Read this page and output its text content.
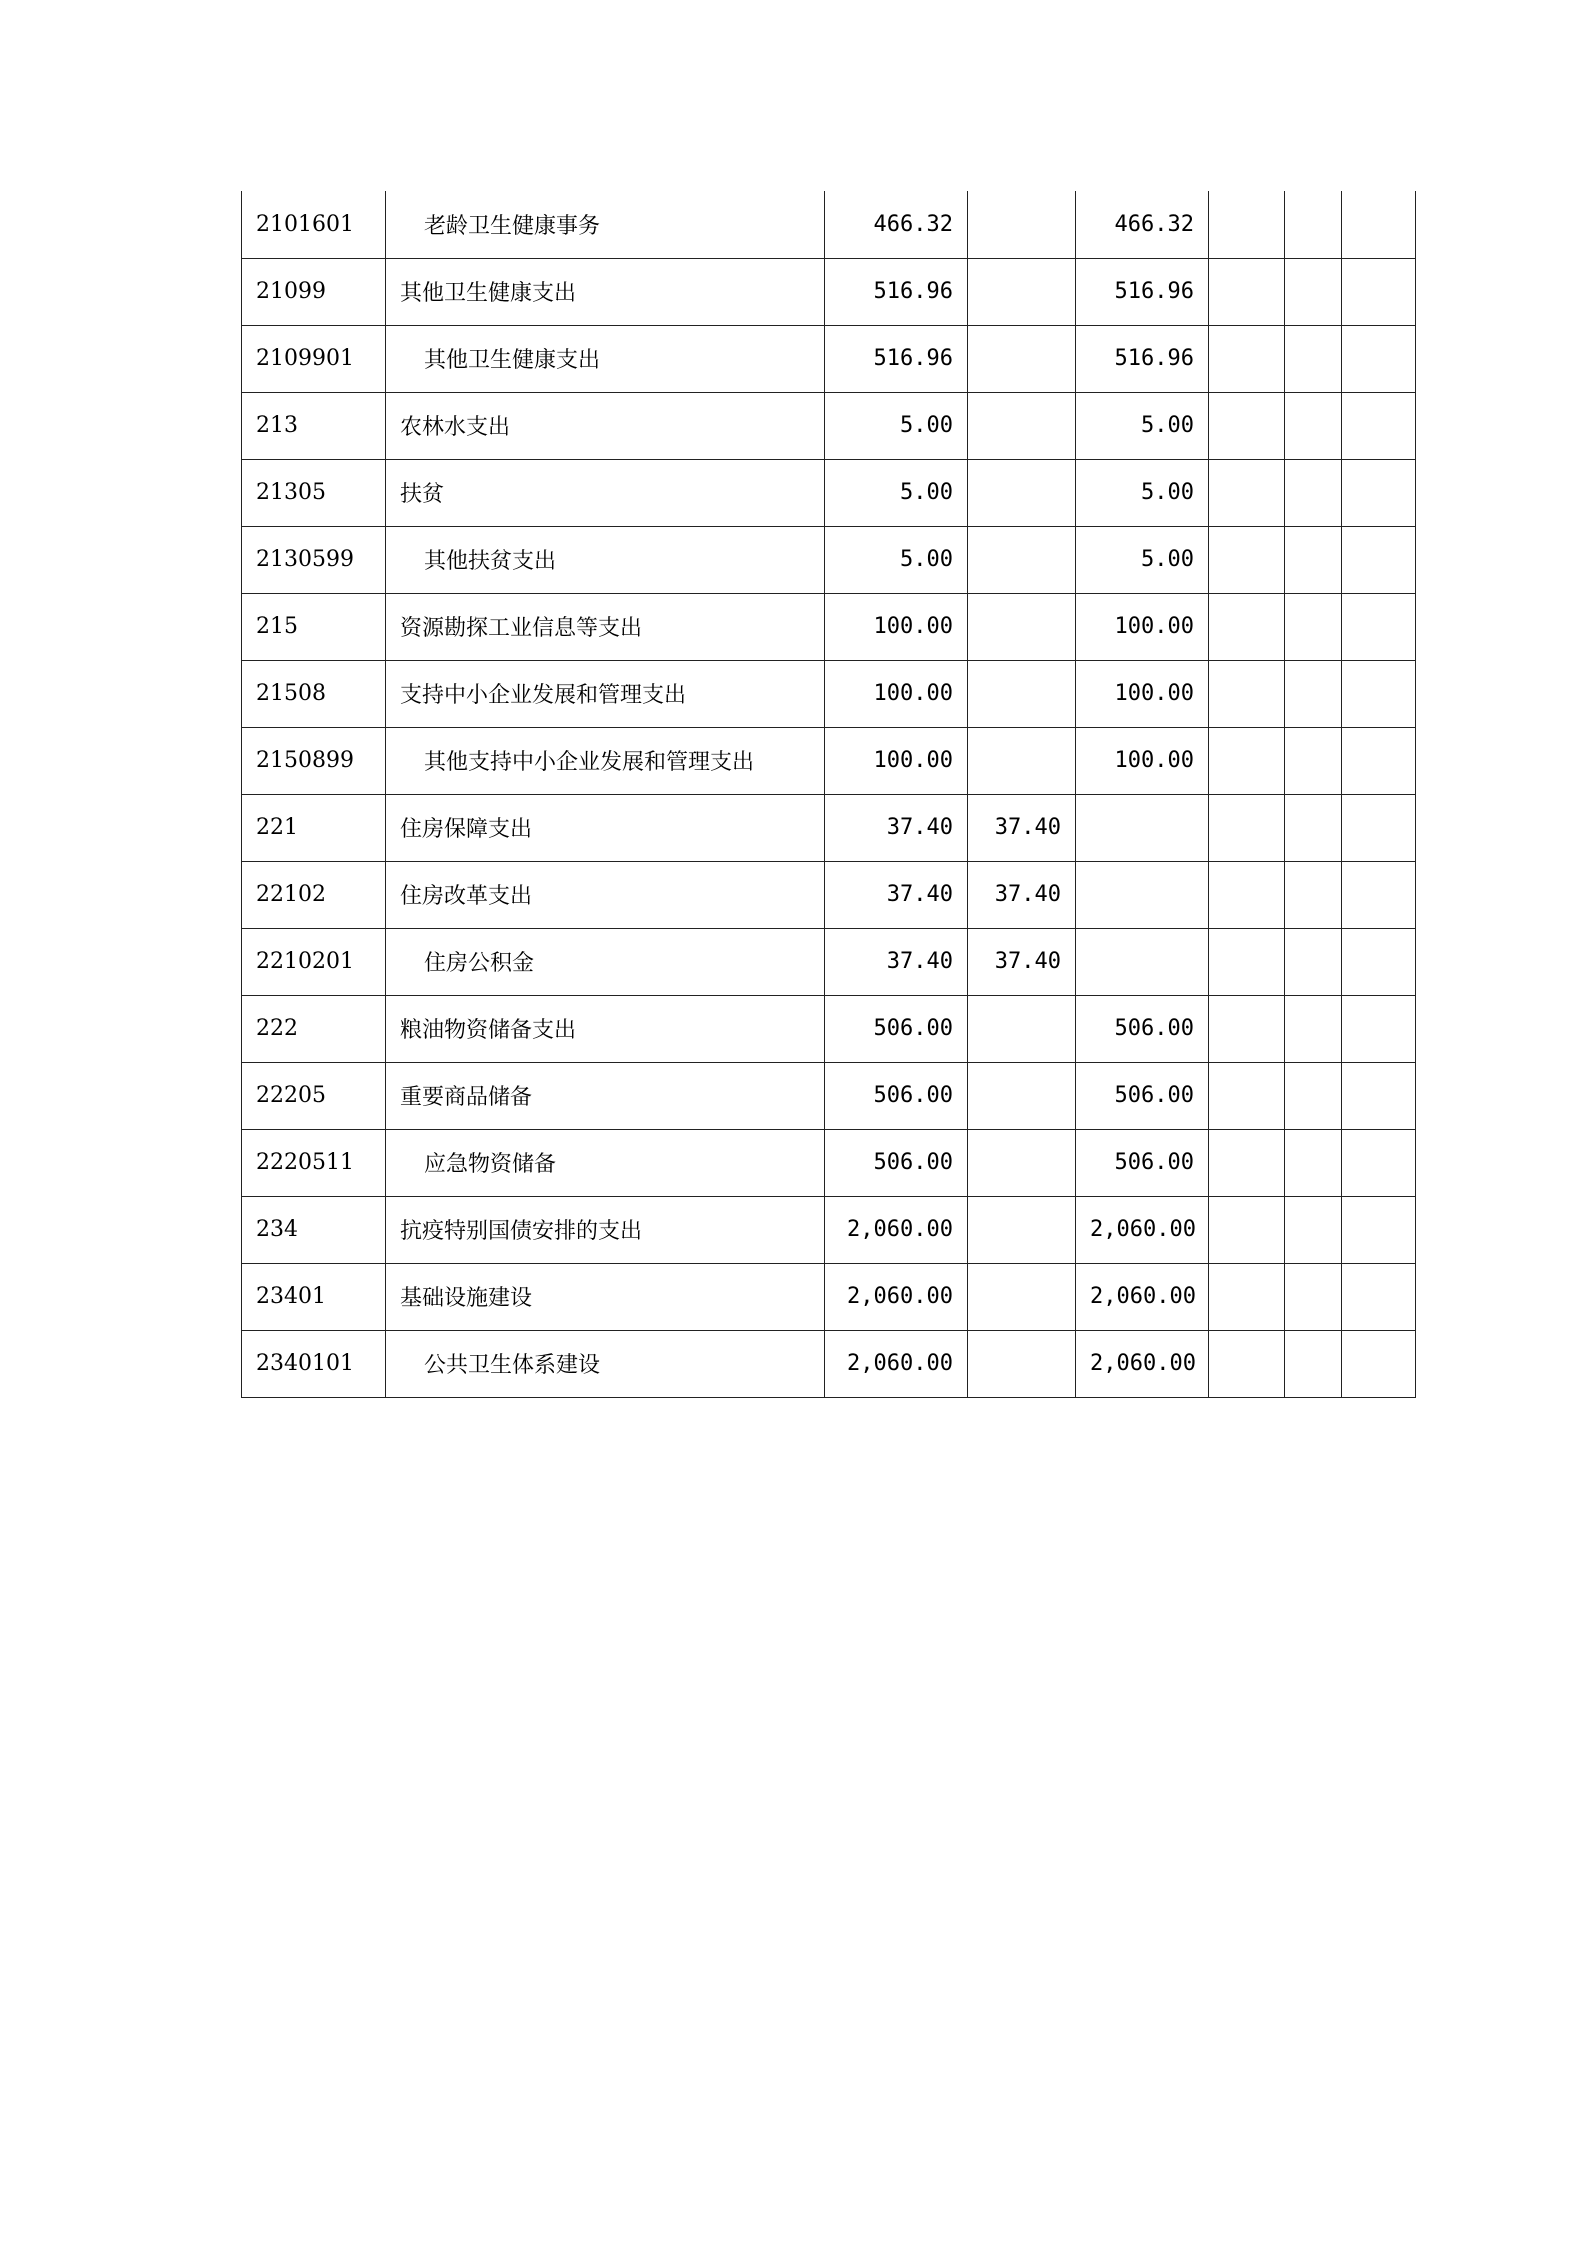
2101601	老龄卫生健康事务	466.32		466.32			
21099	其他卫生健康支出	516.96		516.96			
2109901	其他卫生健康支出	516.96		516.96			
213	农林水支出	5.00		5.00			
21305	扶贫	5.00		5.00			
2130599	其他扶贫支出	5.00		5.00			
215	资源勘探工业信息等支出	100.00		100.00			
21508	支持中小企业发展和管理支出	100.00		100.00			
2150899	其他支持中小企业发展和管理支出	100.00		100.00			
221	住房保障支出	37.40	37.40				
22102	住房改革支出	37.40	37.40				
2210201	住房公积金	37.40	37.40				
222	粮油物资储备支出	506.00		506.00			
22205	重要商品储备	506.00		506.00			
2220511	应急物资储备	506.00		506.00			
234	抗疫特别国债安排的支出	2,060.00		2,060.00			
23401	基础设施建设	2,060.00		2,060.00			
2340101	公共卫生体系建设	2,060.00		2,060.00			
